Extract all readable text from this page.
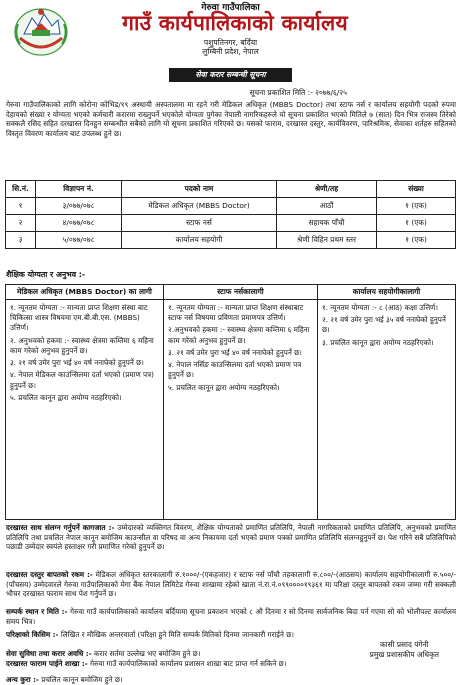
गेरुवा गाउँपालिका
गाउँ कार्यपालिकाको कार्यालय
पशुपतिनगर, बर्दिया
लुम्बिनी प्रदेश, नेपाल
सेवा करार सम्बन्धी सूचना
सूचना प्रकाशित मिति :- २०७७/६/२५

गेरुवा गाउँपालिकाको लागि कोरोना कोभिड/१९ अस्थायी अस्पतालमा मा रहने गरी मेडिकल अधिकृत (MBBS Doctor) तथा स्टाफ नर्स र कार्यालय सहयोगी पदको रुपमा देहायको संख्या र योग्यता भएको कर्मचारी करारमा राख्नुपर्ने भएकोले योग्यता पुगेका नेपाली नागरिकहरुले यो सूचना प्रकाशित भएको मितिले ७ (सात) दिन भित्र राजस्व तिरेको सक्कलै रसिद सहित दरखास्त दिनहुन सम्बन्धीत सबैको लागि यो सूचना प्रकाशित गरिएको छ। यसको फाराम, दरखास्त दस्तुर, कार्यविवरण, पारिश्रमिक, सेवाका शर्तहरु सहितको विस्तृत विवरण कार्यालय बाट उपलब्ध हुने छ।

सि.नं.	विज्ञापन नं.	पदको नाम	श्रेणी/तह	संख्या
१	३/०७७/०७८	मेडिकल अधिकृत (MBBS Doctor)	आठौं	१ (एक)
२	४/०७७/०७८	स्टाफ नर्स	सहायक पाँचौ	१ (एक)
३	५/०७७/०७८	कार्यालय सहयोगी	श्रेणी विहिन प्रथम स्तर	१ (एक)
शैक्षिक योग्यता र अनुभव :-
मेडिकल अधिकृत (MBBS Doctor) का लागी
१. न्यूनतम योग्यता :- मान्यता प्राप्त शिक्षण संस्था बाट चिकित्सा शास्त्र विषयमा एम.बी.बी.एस. (MBBS) उत्तिर्ण।
२. अनुभवको हकमा :- स्वास्थ्य क्षेत्रमा कम्तिमा ६ महिना काम गरेको अनुभव हुनुपर्ने छ।
३. २१ वर्ष उमेर पुरा भई ४० वर्ष ननाघेको हुनुपर्ने छ।
४. नेपाल मेडिकल काउन्सिलमा दर्ता भएको (प्रमाण पत्र) हुनुपर्ने छ।
५. प्रचलित कानून द्वारा अयोग्य नठहरिएको।
स्टाफ नर्सकालागी
१. न्यूनतम योग्यता :- मान्यता प्राप्त शिक्षण संस्थाबाट स्टाफ नर्स विषयमा प्रविणता प्रमाणपत्र उत्तिर्ण।
२.अनुभवको हकमा :- स्वास्थ्य क्षेत्रमा कम्तिमा ६ महिना काम गरेको अनुभव हुनुपर्ने छ।
३. २१ वर्ष उमेर पुरा भई ४० वर्ष ननाघेको हुनुपर्ने छ।
४. नेपाल नर्सिङ काउन्सिलमा दर्ता भएको प्रमाण पत्र हुनुपर्ने छ।
५. प्रचलित कानून द्वारा अयोग्य नठहरिएको।
कार्यालय सहयोगीकालागी
१. न्यूनतम योग्यता :- ८ (आठ) कक्षा उत्तिर्ण।
२. २१ वर्ष उमेर पुरा भई ३५ वर्ष ननाघेको हुनुपर्ने छ।
३. प्रचलित कानून द्वारा अयोग्य नठहरिएको।
दरखास्त साथ संलग्न गर्नुपर्ने कागजात :- उम्मेदारको व्यक्तिगत विवरण, शैक्षिक योग्यताको प्रमाणित प्रतिलिपि, नेपाली नागरिकताको प्रमाणित प्रतिलिपि, अनुभवको प्रमाणित प्रतिलिपि तथा प्रचलित नेपाल कानून बमोजिम काउन्सील वा परिषद वा अन्य निकायमा दर्ता भएको प्रमाण पत्रको प्रमाणित प्रतिलिपि संलग्नहुनुपर्ने छ। पेश गरिने सबै प्रतिलिपिको पछाडी उम्मेदार स्वयंले हस्ताक्षर गरी प्रमाणित गरेको हुनुपर्ने छ।
दरखास्त दस्तुर बापतको रकम :- मेडिकल अधिकृत स्तरकालागी रु.१०००/-(एकहजार) र स्टाफ नर्स पाँचौ तहकालागी रु.८००/-(आठसय) कार्यालय सहयोगीकालागी रु.५००/- (पाँचसय) उम्मेदवारले गेरुवा गाउँपालिकाको मेगा बैंक नेपाल लिमिटेड गेरुवा शाखामा रहेको खाता नं.रा.नं.०९९००००१९३६१ मा परिक्षा दस्तुर बापतको रकम जम्मा गरी सक्कली भौचर दरखास्त फाराम साथ पेश गर्नुपर्ने छ।
सम्पर्क स्थान र मिति :- गेरुवा गाउँ कार्यपालिकाको कार्यालय बर्दियामा सूचना प्रकाशन भएको ८ औ दिनमा र सो दिनमा सार्वजनिक बिदा पर्न गएमा सो को भोलीपल्ट कार्यालय समय भित्र।
परिक्षाको किसिम :- लिखित र मौखिक अन्तरवार्ता (परिक्षा हुने मिति सम्पर्क मितिको दिनमा जानकारी गराईने छ।
सेवा सुविधा तथा करार अवधि :- करार सर्तमा उल्लेख भए बमोजिम हुने छ।
दरखास्त फाराम पाईने शाखा :- गेरुवा गाउँ कार्यपालिकाको कार्यालय प्रशासन शाखा बाट प्राप्त गर्न सकिने छ।
अन्य कुरा :- प्रचलित कानून बमोजिम हुने छ।
कासी प्रसाद पंगेनी
प्रमुख प्रशासकीय अधिकृत
